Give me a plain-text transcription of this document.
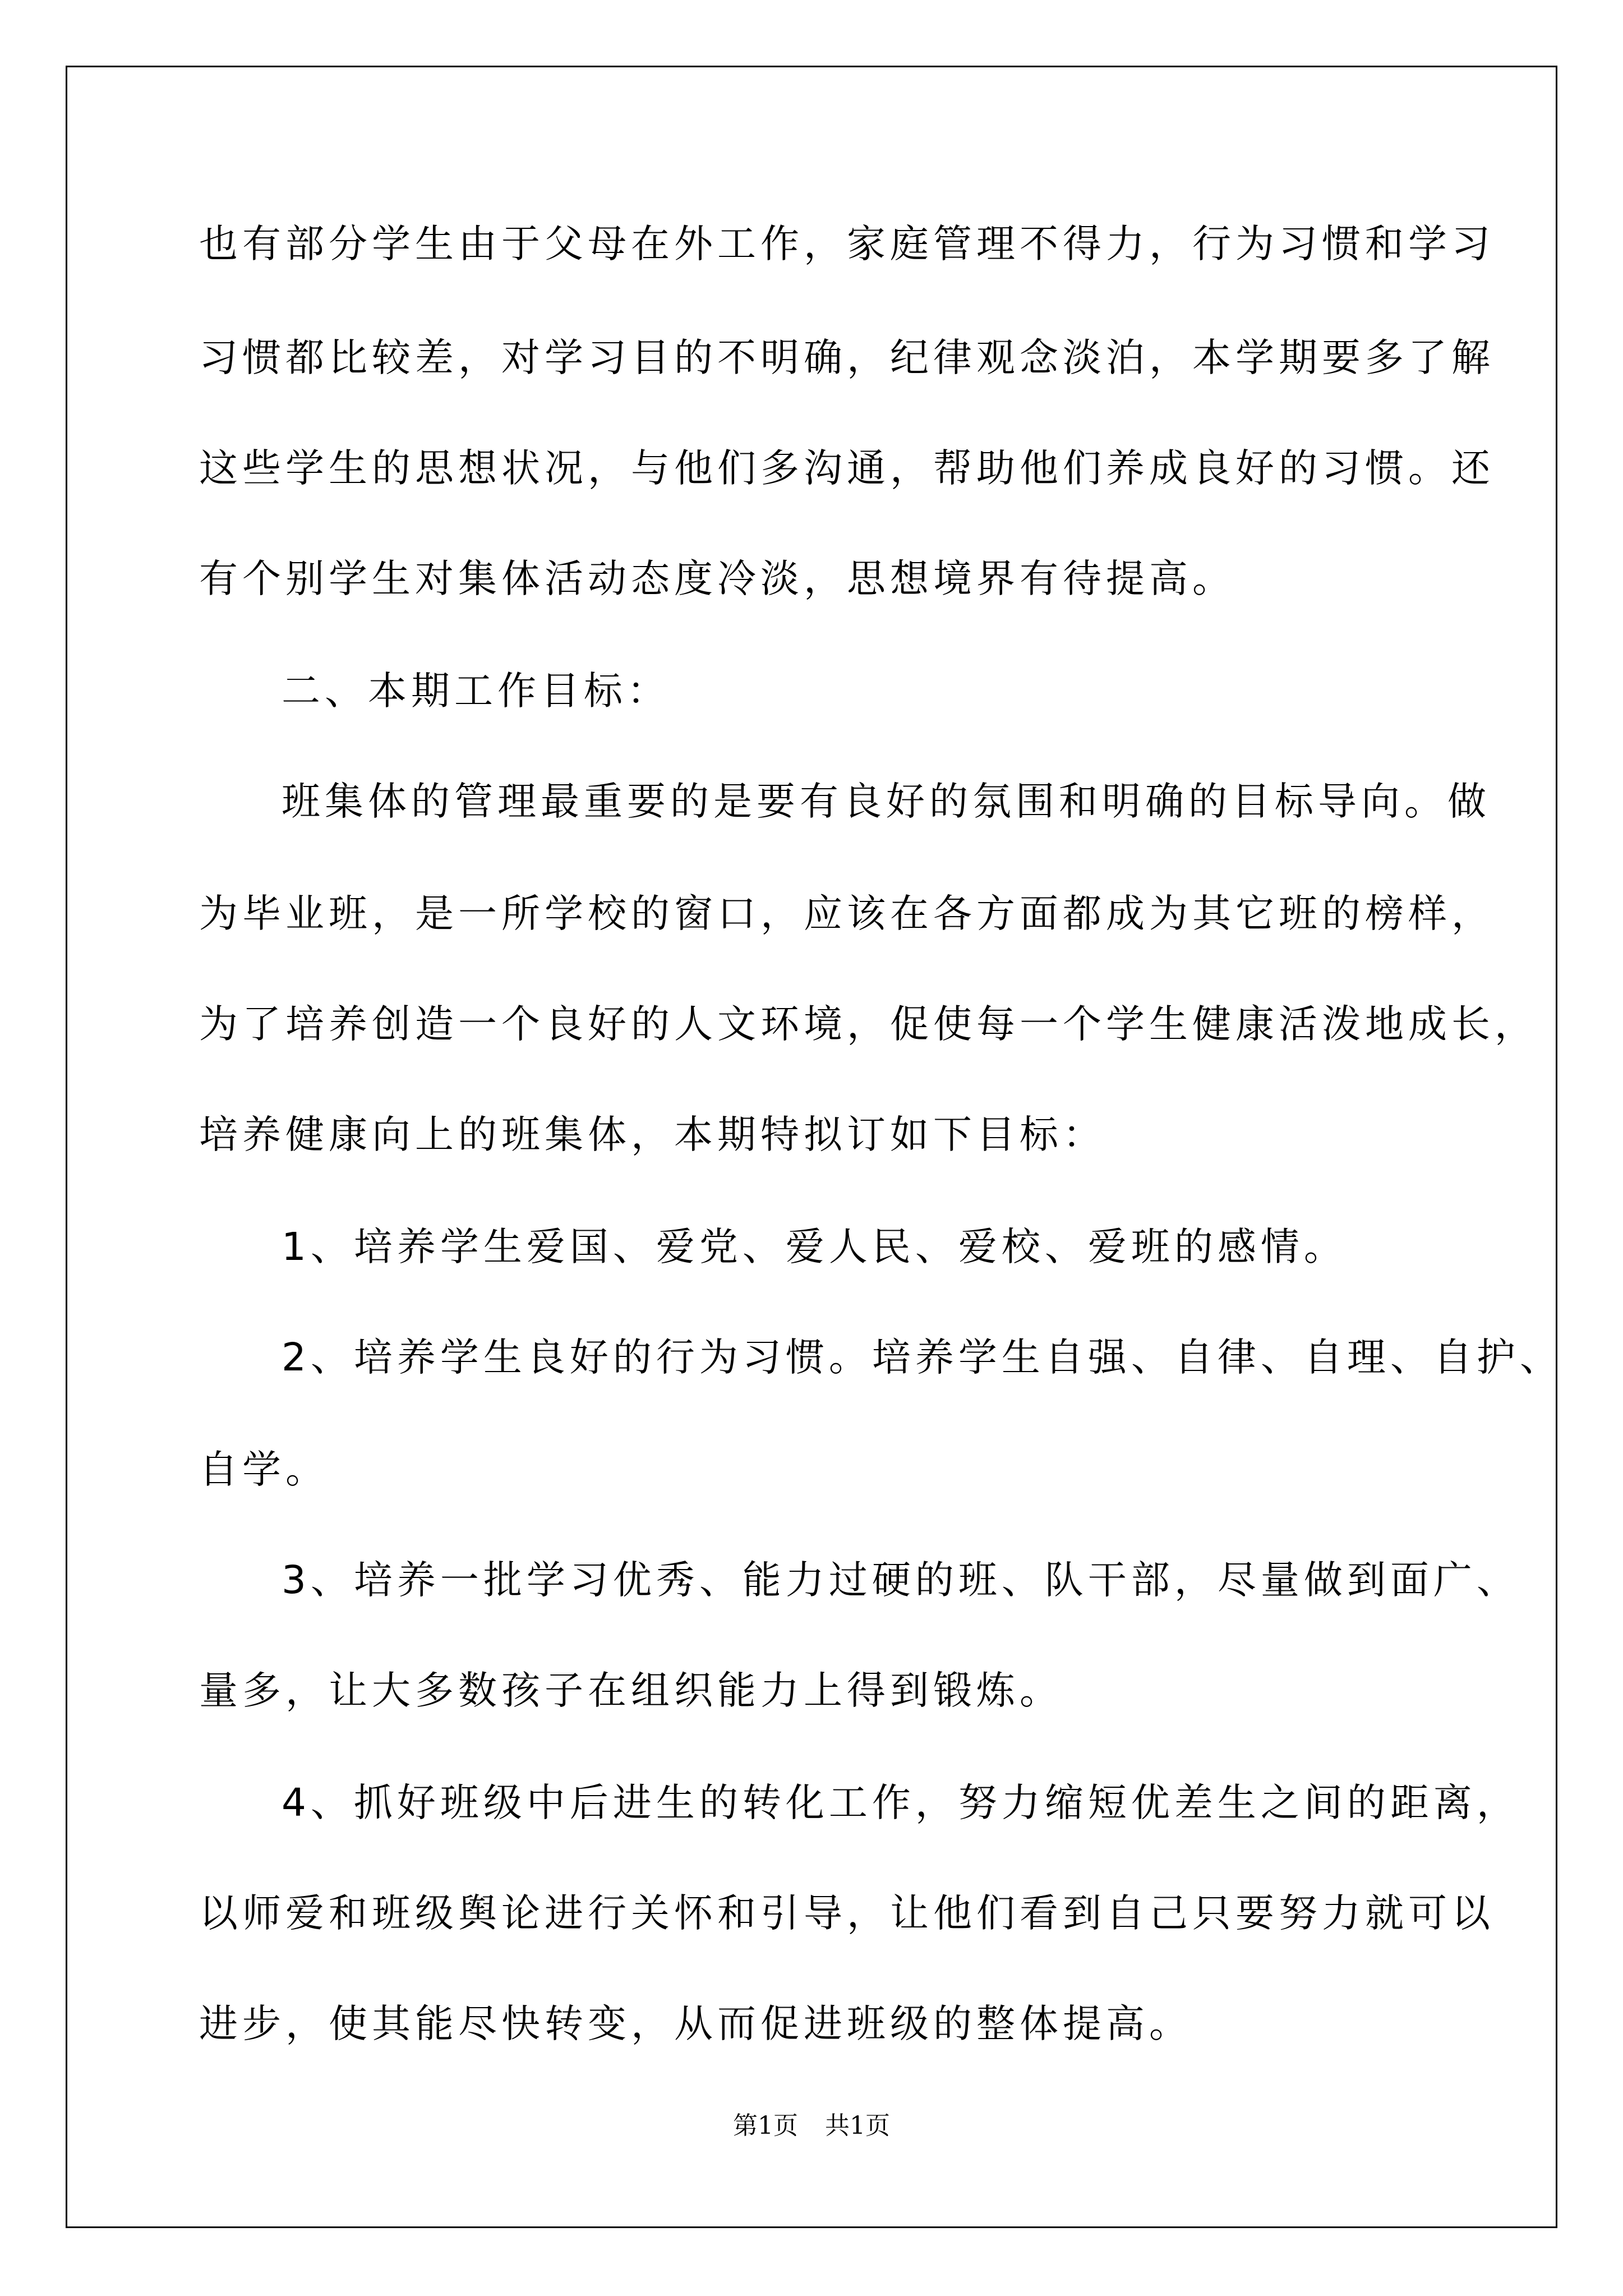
也有部分学生由于父母在外工作，家庭管理不得力，行为习惯和学习

习惯都比较差，对学习目的不明确，纪律观念淡泊，本学期要多了解

这些学生的思想状况，与他们多沟通，帮助他们养成良好的习惯。还

有个别学生对集体活动态度冷淡，思想境界有待提高。

二、本期工作目标：

班集体的管理最重要的是要有良好的氛围和明确的目标导向。做

为毕业班，是一所学校的窗口，应该在各方面都成为其它班的榜样，

为了培养创造一个良好的人文环境，促使每一个学生健康活泼地成长，

培养健康向上的班集体，本期特拟订如下目标：

1、培养学生爱国、爱党、爱人民、爱校、爱班的感情。

2、培养学生良好的行为习惯。培养学生自强、自律、自理、自护、

自学。

3、培养一批学习优秀、能力过硬的班、队干部，尽量做到面广、

量多，让大多数孩子在组织能力上得到锻炼。

4、抓好班级中后进生的转化工作，努力缩短优差生之间的距离，

以师爱和班级舆论进行关怀和引导，让他们看到自己只要努力就可以

进步，使其能尽快转变，从而促进班级的整体提高。

第1页 共1页
